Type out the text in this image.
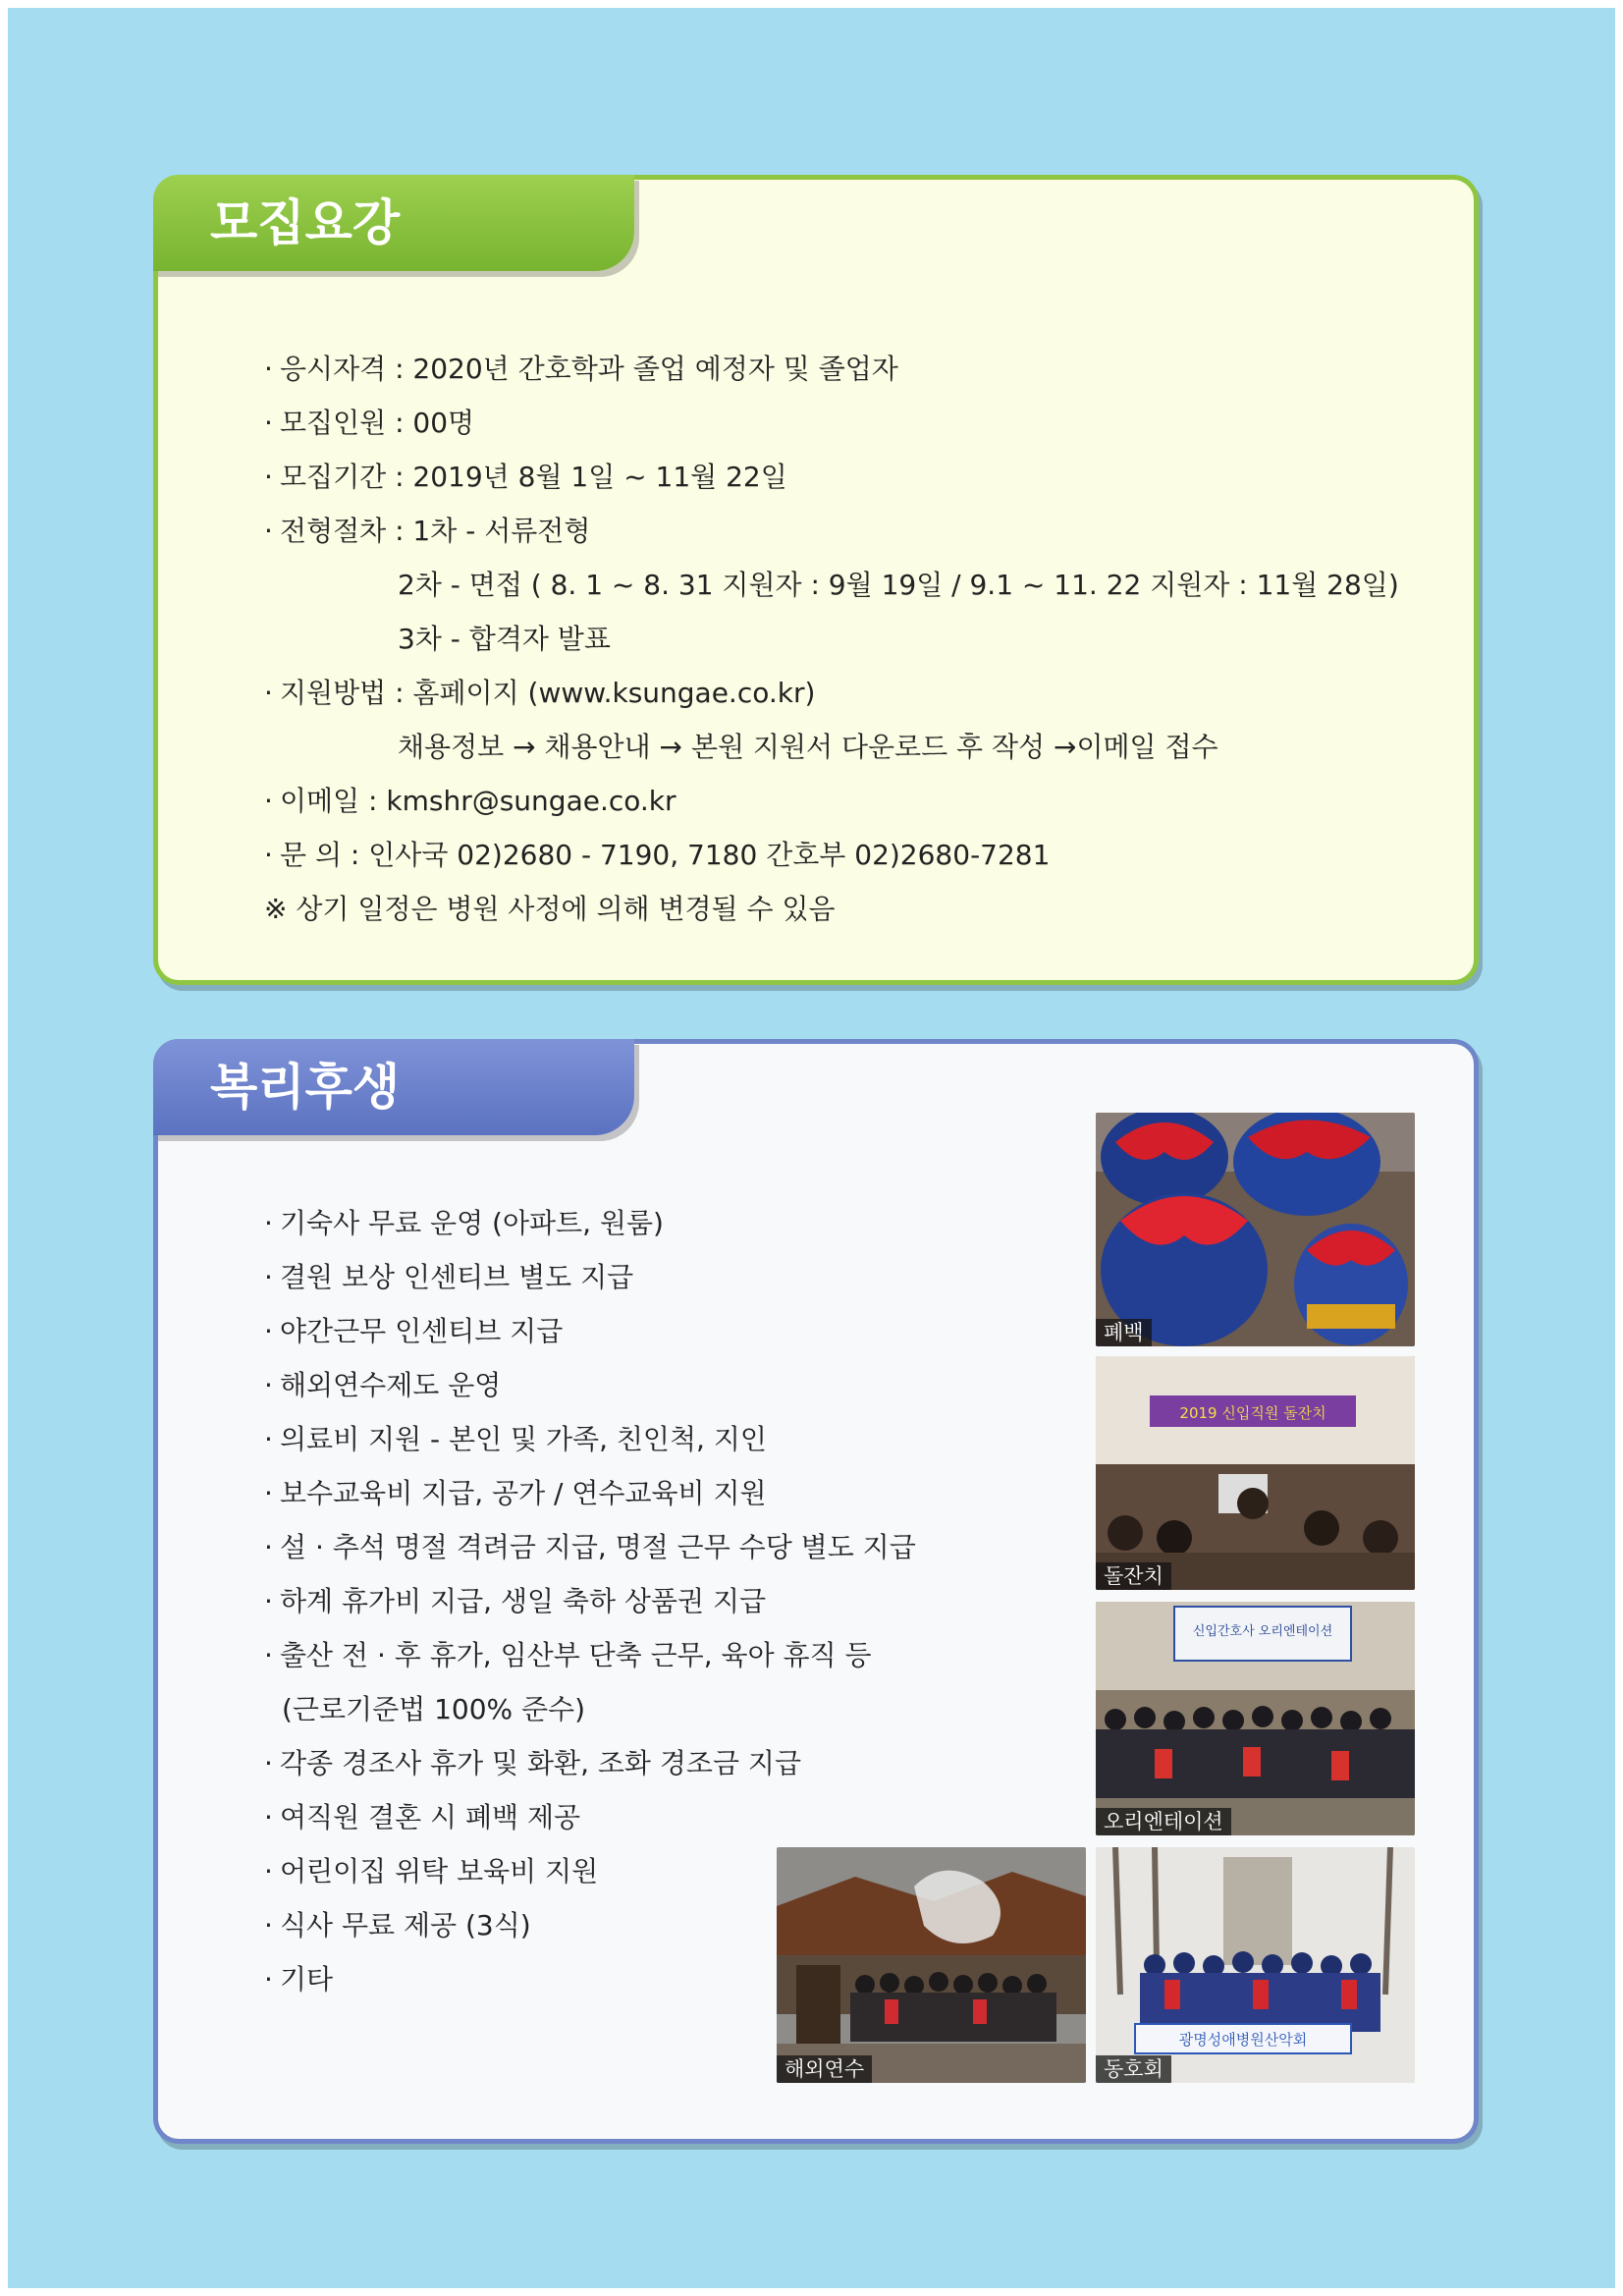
모집요강
· 응시자격 : 2020년 간호학과 졸업 예정자 및 졸업자
· 모집인원 : 00명
· 모집기간 : 2019년 8월 1일 ~ 11월 22일
· 전형절차 : 1차 - 서류전형
2차 - 면접 ( 8. 1 ~ 8. 31 지원자 : 9월 19일 / 9.1 ~ 11. 22 지원자 : 11월 28일)
3차 - 합격자 발표
· 지원방법 : 홈페이지 (www.ksungae.co.kr)
채용정보 → 채용안내 → 본원 지원서 다운로드 후 작성 →이메일 접수
· 이메일 : kmshr@sungae.co.kr
· 문 의 : 인사국 02)2680 - 7190, 7180 간호부 02)2680-7281
※ 상기 일정은 병원 사정에 의해 변경될 수 있음
복리후생
· 기숙사 무료 운영 (아파트, 원룸)
· 결원 보상 인센티브 별도 지급
· 야간근무 인센티브 지급
· 해외연수제도 운영
· 의료비 지원 - 본인 및 가족, 친인척, 지인
· 보수교육비 지급, 공가 / 연수교육비 지원
· 설 · 추석 명절 격려금 지급, 명절 근무 수당 별도 지급
· 하계 휴가비 지급, 생일 축하 상품권 지급
· 출산 전 · 후 휴가, 임산부 단축 근무, 육아 휴직 등
(근로기준법 100% 준수)
· 각종 경조사 휴가 및 화환, 조화 경조금 지급
· 여직원 결혼 시 폐백 제공
· 어린이집 위탁 보육비 지원
· 식사 무료 제공 (3식)
· 기타
폐백
2019 신입직원 돌잔치
돌잔치
신입간호사 오리엔테이션
오리엔테이션
해외연수
광명성애병원산악회
동호회
